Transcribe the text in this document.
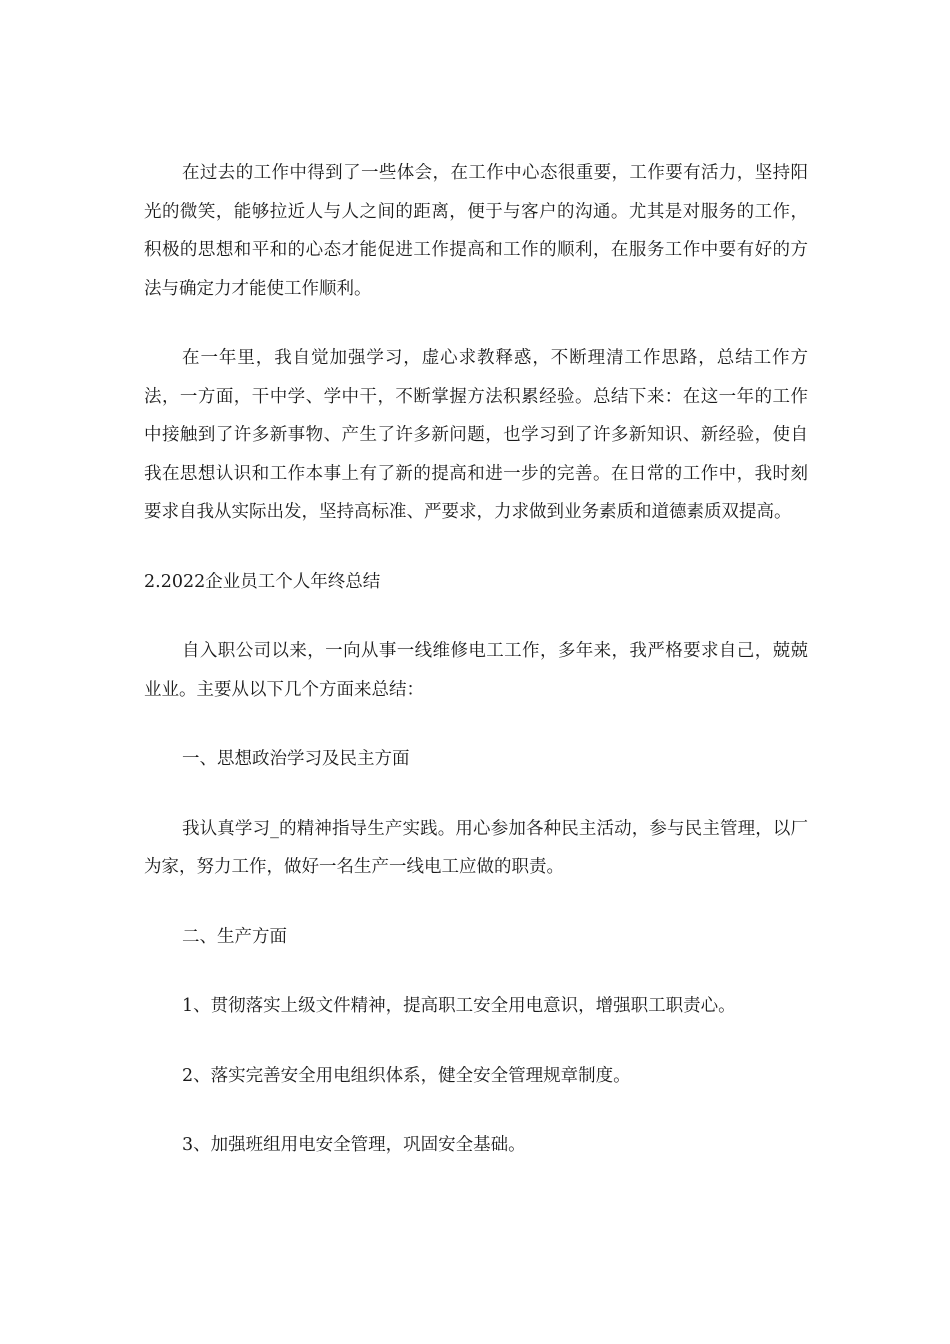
在过去的工作中得到了一些体会，在工作中心态很重要，工作要有活力，坚持阳光的微笑，能够拉近人与人之间的距离，便于与客户的沟通。尤其是对服务的工作，积极的思想和平和的心态才能促进工作提高和工作的顺利，在服务工作中要有好的方法与确定力才能使工作顺利。

在一年里，我自觉加强学习，虚心求教释惑，不断理清工作思路，总结工作方法，一方面，干中学、学中干，不断掌握方法积累经验。总结下来：在这一年的工作中接触到了许多新事物、产生了许多新问题，也学习到了许多新知识、新经验，使自我在思想认识和工作本事上有了新的提高和进一步的完善。在日常的工作中，我时刻要求自我从实际出发，坚持高标准、严要求，力求做到业务素质和道德素质双提高。

2.2022企业员工个人年终总结

自入职公司以来，一向从事一线维修电工工作，多年来，我严格要求自己，兢兢业业。主要从以下几个方面来总结：

一、思想政治学习及民主方面

我认真学习_的精神指导生产实践。用心参加各种民主活动，参与民主管理，以厂为家，努力工作，做好一名生产一线电工应做的职责。

二、生产方面

1、贯彻落实上级文件精神，提高职工安全用电意识，增强职工职责心。

2、落实完善安全用电组织体系，健全安全管理规章制度。

3、加强班组用电安全管理，巩固安全基础。
